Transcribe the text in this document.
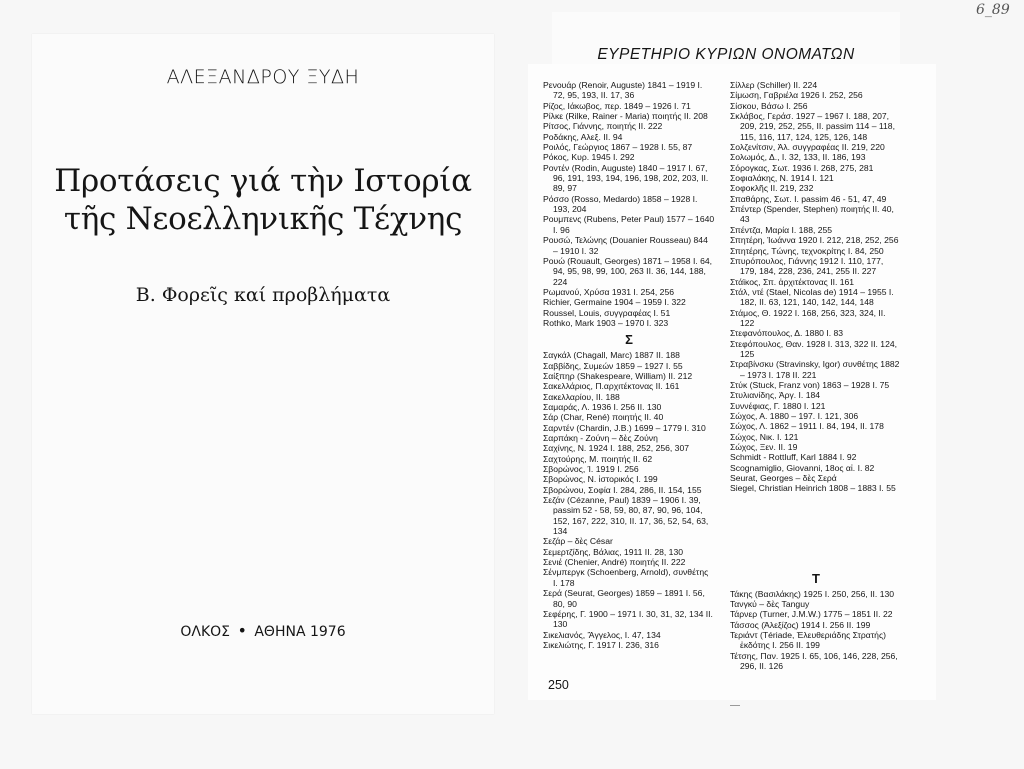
6_89
ΑΛΕΞΑΝΔΡΟΥ ΞΥΔΗ
Προτάσεις γιά τὴν Ιστορία
τῆς Νεοελληνικῆς Τέχνης
Β. Φορεῖς καί προβλήματα
ΟΛΚΟΣ • ΑΘΗΝΑ 1976
ΕΥΡΕΤΗΡΙΟ ΚΥΡΙΩΝ ΟΝΟΜΑΤΩΝ
Ρενουάρ (Renoir, Auguste) 1841 – 1919 I. 72, 95, 193, II. 17, 36
Ρίζος, Ιάκωβος, περ. 1849 – 1926 I. 71
Ρίλκε (Rilke, Rainer - Maria) ποιητής II. 208
Ρίτσος, Γιάννης, ποιητής II. 222
Ροδάκης, Αλεξ. II. 94
Ροιλός, Γεώργιος 1867 – 1928 I. 55, 87
Ρόκος, Κυρ. 1945 I. 292
Ροντέν (Rodin, Auguste) 1840 – 1917 I. 67, 96, 191, 193, 194, 196, 198, 202, 203, II. 89, 97
Ρόσσο (Rosso, Medardo) 1858 – 1928 I. 193, 204
Ρουμπενς (Rubens, Peter Paul) 1577 – 1640 I. 96
Ρουσώ, Τελώνης (Douanier Rousseau) 844 – 1910 I. 32
Ρουώ (Rouault, Georges) 1871 – 1958 I. 64, 94, 95, 98, 99, 100, 263 II. 36, 144, 188, 224
Ρωμανού, Χρύσα 1931 I. 254, 256
Richier, Germaine 1904 – 1959 I. 322
Roussel, Louis, συγγραφέας I. 51
Rothko, Mark 1903 – 1970 I. 323
Σ
Σαγκάλ (Chagall, Marc) 1887 II. 188
Σαββίδης, Συμεών 1859 – 1927 I. 55
Σαίξπηρ (Shakespeare, William) II. 212
Σακελλάριος, Π.αρχιτέκτονας II. 161
Σακελλαρίου, II. 188
Σαμαράς, Λ. 1936 I. 256 II. 130
Σάρ (Char, René) ποιητής II. 40
Σαρντέν (Chardin, J.B.) 1699 – 1779 I. 310
Σαρπάκη - Ζούνη – δὲς Ζούνη
Σαχίνης, Ν. 1924 I. 188, 252, 256, 307
Σαχτούρης, Μ. ποιητής II. 62
Σβορώνος, Ί. 1919 I. 256
Σβορώνος, Ν. ἱστορικός I. 199
Σβορώνου, Σοφία I. 284, 286, II. 154, 155
Σεζάν (Cézanne, Paul) 1839 – 1906 I. 39, passim 52 - 58, 59, 80, 87, 90, 96, 104, 152, 167, 222, 310, II. 17, 36, 52, 54, 63, 134
Σεζάρ – δὲς César
Σεμερτζίδης, Βάλιας, 1911 II. 28, 130
Σενιέ (Chenier, André) ποιητής II. 222
Σένμπεργκ (Schoenberg, Arnold), συνθέτης I. 178
Σερά (Seurat, Georges) 1859 – 1891 I. 56, 80, 90
Σεφέρης, Γ. 1900 – 1971 I. 30, 31, 32, 134 II. 130
Σικελιανός, Ἄγγελος, I. 47, 134
Σικελιώτης, Γ. 1917 I. 236, 316
Σίλλερ (Schiller) II. 224
Σίμωση, Γαβριέλα 1926 I. 252, 256
Σίσκου, Βάσω I. 256
Σκλάβος, Γεράσ. 1927 – 1967 I. 188, 207, 209, 219, 252, 255, II. passim 114 – 118, 115, 116, 117, 124, 125, 126, 148
Σολζενίτσιν, Ἀλ. συγγραφέας II. 219, 220
Σολωμός, Δ., I. 32, 133, II. 186, 193
Σόρογκας, Σωτ. 1936 I. 268, 275, 281
Σοφιαλάκης, Ν. 1914 I. 121
Σοφοκλῆς II. 219, 232
Σπαθάρης, Σωτ. I. passim 46 - 51, 47, 49
Σπέντερ (Spender, Stephen) ποιητής II. 40, 43
Σπέντζα, Μαρία I. 188, 255
Σπητέρη, Ἰωάννα 1920 I. 212, 218, 252, 256
Σπητέρης, Τώνης, τεχνοκρίτης I. 84, 250
Σπυρόπουλος, Γιάννης 1912 I. 110, 177, 179, 184, 228, 236, 241, 255 II. 227
Στάϊκος, Σπ. ἀρχιτέκτονας II. 161
Στάλ, ντέ (Stael, Nicolas de) 1914 – 1955 I. 182, II. 63, 121, 140, 142, 144, 148
Στάμος, Θ. 1922 I. 168, 256, 323, 324, II. 122
Στεφανόπουλος, Δ. 1880 I. 83
Στεφόπουλος, Θαν. 1928 I. 313, 322 II. 124, 125
Στραβίνσκυ (Stravinsky, Igor) συνθέτης 1882 – 1973 I. 178 II. 221
Στύκ (Stuck, Franz von) 1863 – 1928 I. 75
Στυλιανίδης, Ἀργ. I. 184
Συννέφιας, Γ. 1880 I. 121
Σώχος, Α. 1880 – 197. I. 121, 306
Σώχος, Λ. 1862 – 1911 I. 84, 194, II. 178
Σώχος, Νικ. I. 121
Σώχος, Ξεν. II. 19
Schmidt - Rottluff, Karl 1884 I. 92
Scognamiglio, Giovanni, 18ος αἰ. I. 82
Seurat, Georges – δὲς Σερά
Siegel, Christian Heinrich 1808 – 1883 I. 55
T
Τάκης (Βασιλάκης) 1925 I. 250, 256, II. 130
Τανγκύ – δὲς Tanguy
Τάρνερ (Turner, J.M.W.) 1775 – 1851 II. 22
Τάσσος (Ἀλεξίζος) 1914 I. 256 II. 199
Τεριάντ (Tériade, Ἐλευθεριάδης Στρατής) ἐκδότης I. 256 II. 199
Τέτσης, Παν. 1925 I. 65, 106, 146, 228, 256, 296, II. 126
250
